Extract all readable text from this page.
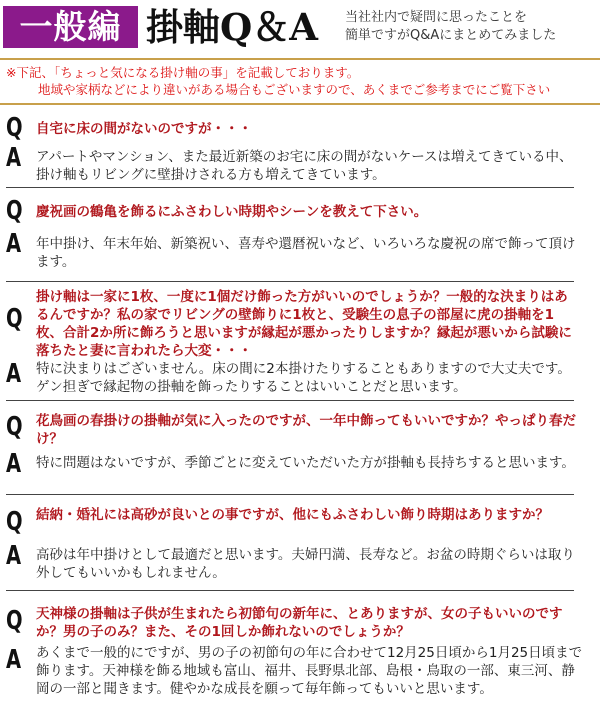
一般編 掛軸Q＆A 当社社内で疑問に思ったことを
簡単ですがQ&Aにまとめてみました
※下記、「ちょっと気になる掛け軸の事」を記載しております。
地域や家柄などにより違いがある場合もございますので、あくまでご参考までにご覧下さい
Q 自宅に床の間がないのですが・・・
A アパートやマンション、また最近新築のお宅に床の間がないケースは増えてきている中、掛け軸もリビングに壁掛けされる方も増えてきています。
Q 慶祝画の鶴亀を飾るにふさわしい時期やシーンを教えて下さい。
A 年中掛け、年末年始、新築祝い、喜寿や還暦祝いなど、いろいろな慶祝の席で飾って頂けます。
Q
掛け軸は一家に1枚、一度に1個だけ飾った方がいいのでしょうか？一般的な決まりはあるんですか？私の家でリビングの壁飾りに1枚と、受験生の息子の部屋に虎の掛軸を1枚、合計2か所に飾ろうと思いますが縁起が悪かったりしますか？縁起が悪いから試験に落ちたと妻に言われたら大変・・・
A 特に決まりはございません。床の間に2本掛けたりすることもありますので大丈夫です。ゲン担ぎで縁起物の掛軸を飾ったりすることはいいことだと思います。
Q 花鳥画の春掛けの掛軸が気に入ったのですが、一年中飾ってもいいですか？やっぱり春だけ？
A 特に問題はないですが、季節ごとに変えていただいた方が掛軸も長持ちすると思います。
Q 結納・婚礼には高砂が良いとの事ですが、他にもふさわしい飾り時期はありますか？
A 高砂は年中掛けとして最適だと思います。夫婦円満、長寿など。お盆の時期ぐらいは取り外してもいいかもしれません。
Q 天神様の掛軸は子供が生まれたら初節句の新年に、とありますが、女の子もいいのですか？男の子のみ？また、その1回しか飾れないのでしょうか？
A あくまで一般的にですが、男の子の初節句の年に合わせて12月25日頃から1月25日頃まで飾ります。天神様を飾る地域も富山、福井、長野県北部、島根・鳥取の一部、東三河、静岡の一部と聞きます。健やかな成長を願って毎年飾ってもいいと思います。
